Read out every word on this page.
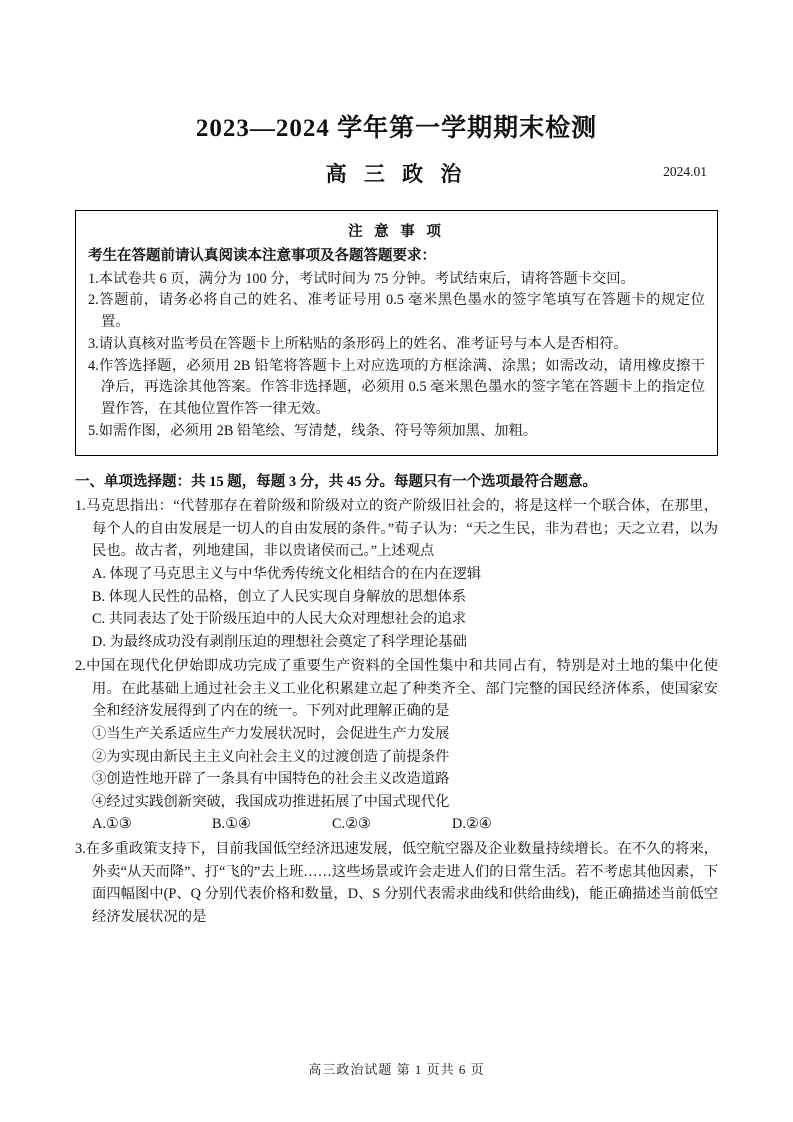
2023—2024 学年第一学期期末检测
高 三 政 治	2024.01
注 意 事 项
考生在答题前请认真阅读本注意事项及各题答题要求：
1.本试卷共 6 页，满分为 100 分，考试时间为 75 分钟。考试结束后，请将答题卡交回。
2.答题前，请务必将自己的姓名、准考证号用 0.5 毫米黑色墨水的签字笔填写在答题卡的规定位置。
3.请认真核对监考员在答题卡上所粘贴的条形码上的姓名、准考证号与本人是否相符。
4.作答选择题，必须用 2B 铅笔将答题卡上对应选项的方框涂满、涂黑；如需改动，请用橡皮擦干净后，再选涂其他答案。作答非选择题，必须用 0.5 毫米黑色墨水的签字笔在答题卡上的指定位置作答，在其他位置作答一律无效。
5.如需作图，必须用 2B 铅笔绘、写清楚，线条、符号等须加黑、加粗。
一、单项选择题：共 15 题，每题 3 分，共 45 分。每题只有一个选项最符合题意。
1.马克思指出：“代替那存在着阶级和阶级对立的资产阶级旧社会的，将是这样一个联合体，在那里，每个人的自由发展是一切人的自由发展的条件。”荀子认为：“天之生民，非为君也；天之立君，以为民也。故古者，列地建国，非以贵诸侯而己。”上述观点
A. 体现了马克思主义与中华优秀传统文化相结合的在内在逻辑
B. 体现人民性的品格，创立了人民实现自身解放的思想体系
C. 共同表达了处于阶级压迫中的人民大众对理想社会的追求
D. 为最终成功没有剥削压迫的理想社会奠定了科学理论基础
2.中国在现代化伊始即成功完成了重要生产资料的全国性集中和共同占有，特别是对土地的集中化使用。在此基础上通过社会主义工业化积累建立起了种类齐全、部门完整的国民经济体系，使国家安全和经济发展得到了内在的统一。下列对此理解正确的是
①当生产关系适应生产力发展状况时，会促进生产力发展
②为实现由新民主主义向社会主义的过渡创造了前提条件
③创造性地开辟了一条具有中国特色的社会主义改造道路
④经过实践创新突破，我国成功推进拓展了中国式现代化
A.①③	B.①④	C.②③	D.②④
3.在多重政策支持下，目前我国低空经济迅速发展，低空航空器及企业数量持续增长。在不久的将来，外卖“从天而降”、打“飞的”去上班……这些场景或许会走进人们的日常生活。若不考虑其他因素，下面四幅图中(P、Q 分别代表价格和数量，D、S 分别代表需求曲线和供给曲线)，能正确描述当前低空经济发展状况的是
高三政治试题 第 1 页共 6 页
